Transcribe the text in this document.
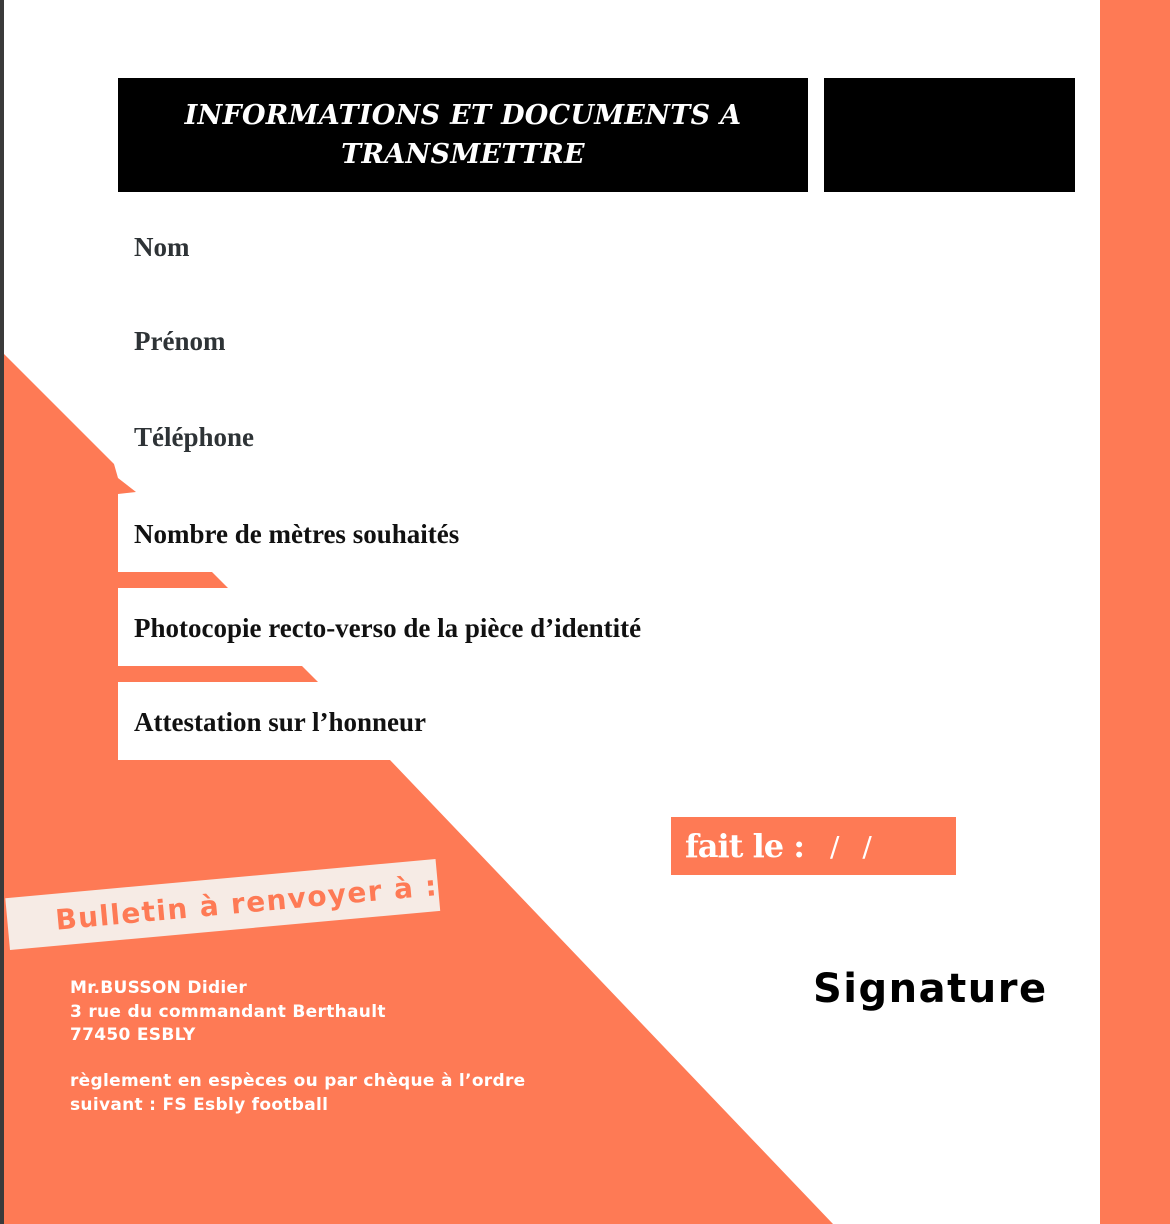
INFORMATIONS ET DOCUMENTS A
TRANSMETTRE
Nom
Prénom
Téléphone
Nombre de mètres souhaités
Photocopie recto-verso de la pièce d’identité
Attestation sur l’honneur
fait le : / /
Bulletin à renvoyer à :
Mr.BUSSON Didier
3 rue du commandant Berthault
77450 ESBLY
règlement en espèces ou par chèque à l’ordre
suivant : FS Esbly football
Signature
